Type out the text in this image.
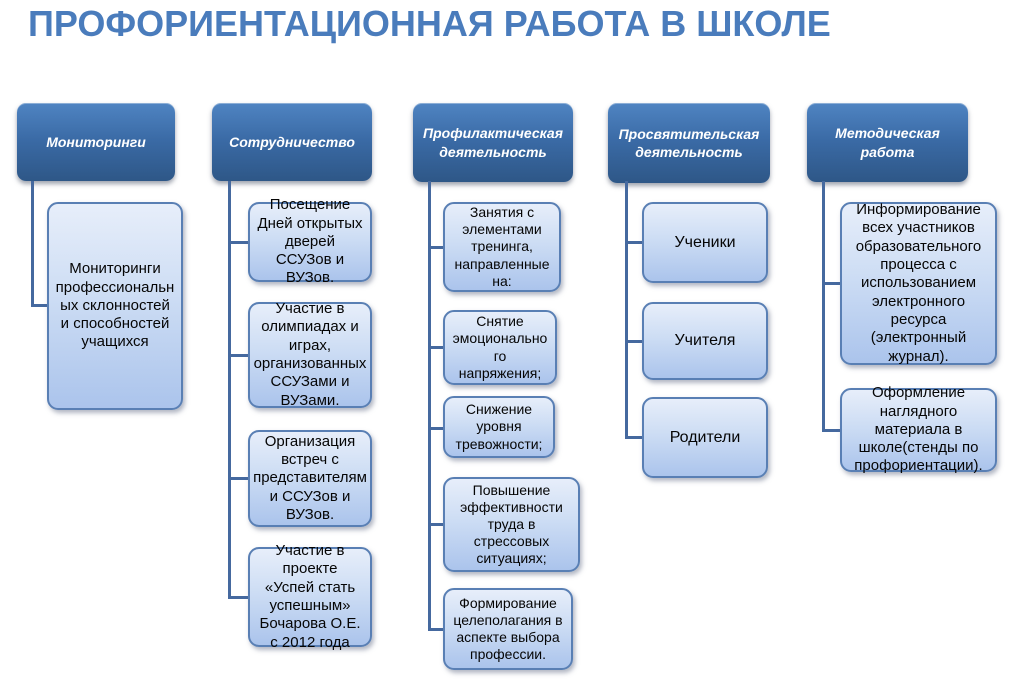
ПРОФОРИЕНТАЦИОННАЯ РАБОТА В ШКОЛЕ
Мониторинги
Мониторинги профессиональн ых склонностей и способностей учащихся
Сотрудничество
Посещение Дней открытых дверей ССУЗов и ВУЗов.
Участие в олимпиадах и играх, организованных ССУЗами и ВУЗами.
Организация встреч с представителям и ССУЗов и ВУЗов.
Участие в проекте «Успей стать успешным» Бочарова О.Е. с 2012 года
Профилактическая деятельность
Занятия с элементами тренинга, направленные на:
Снятие эмоционально го напряжения;
Снижение уровня тревожности;
Повышение эффективности труда в стрессовых ситуациях;
Формирование целеполагания в аспекте выбора профессии.
Просвятительская деятельность
Ученики
Учителя
Родители
Методическая работа
Информирование всех участников образовательного процесса с использованием электронного ресурса (электронный журнал).
Оформление наглядного материала в школе(стенды по профориентации).
